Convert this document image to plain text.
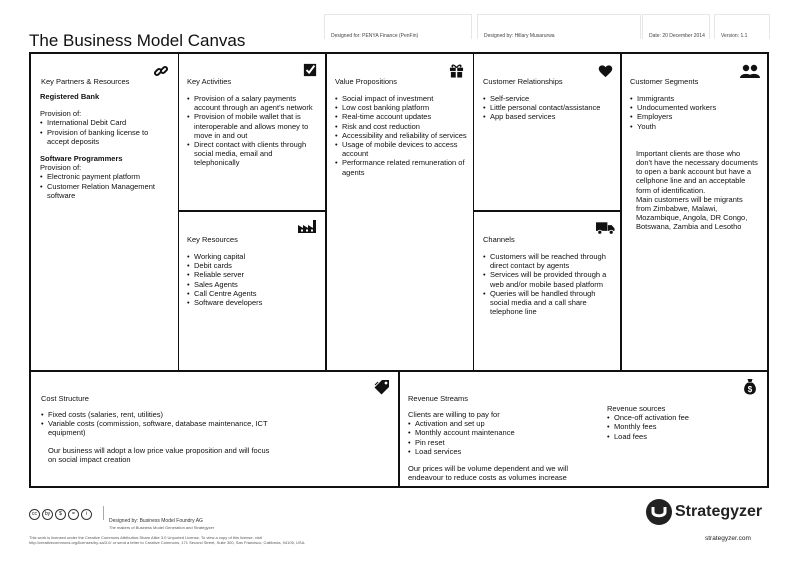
The Business Model Canvas	Designed for: PENYA Finance (PenFin)	Designed by: Hillary Musarurwa	Date: 20 December 2014	Version: 1.1
Key Partners & Resources

Registered Bank

Provision of:

• International Debit Card
• Provision of banking license to accept deposits

Software Programmers

Provision of:

• Electronic payment platform
• Customer Relation Management software
Key Activities
• Provision of a salary payments account through an agent's network
• Provision of mobile wallet that is interoperable and allows money to move in and out
• Direct contact with clients through social media, email and telephonically
Key Resources
• Working capital
• Debit cards
• Reliable server
• Sales Agents
• Call Centre Agents
• Software developers
Value Propositions
• Social impact of investment
• Low cost banking platform
• Real-time account updates
• Risk and cost reduction
• Accessibility and reliability of services
• Usage of mobile devices to access account
• Performance related remuneration of agents
Customer Relationships
• Self-service
• Little personal contact/assistance
• App based services
Channels
• Customers will be reached through direct contact by agents
• Services will be provided through a web and/or mobile based platform
• Queries will be handled through social media and a call share telephone line
Customer Segments
• Immigrants
• Undocumented workers
• Employers
• Youth

Important clients are those who don't have the necessary documents to open a bank account but have a cellphone line and an acceptable form of identification.

Main customers will be migrants from Zimbabwe, Malawi, Mozambique, Angola, DR Congo, Botswana, Zambia and Lesotho

Cost Structure
• Fixed costs (salaries, rent, utilities)
• Variable costs (commission, software, database maintenance, ICT equipment)

Our business will adopt a low price value proposition and will focus on social impact creation

Revenue Streams
$

Clients are willing to pay for

• Activation and set up
• Monthly account maintenance
• Pin reset
• Load services

Our prices will be volume dependent and we will endeavour to reduce costs as volumes increase

Revenue sources

• Once-off activation fee
• Monthly fees
• Load fees
cc by $ = i
Designed by: Business Model Foundry AG
The makers of Business Model Generation and Strategyzer
This work is licensed under the Creative Commons Attribution-Share Alike 3.0 Unported License. To view a copy of this license, visit
http://creativecommons.org/licenses/by-sa/3.0/ or send a letter to Creative Commons, 171 Second Street, Suite 300, San Francisco, California, 94105, USA.
Strategyzer
strategyzer.com
